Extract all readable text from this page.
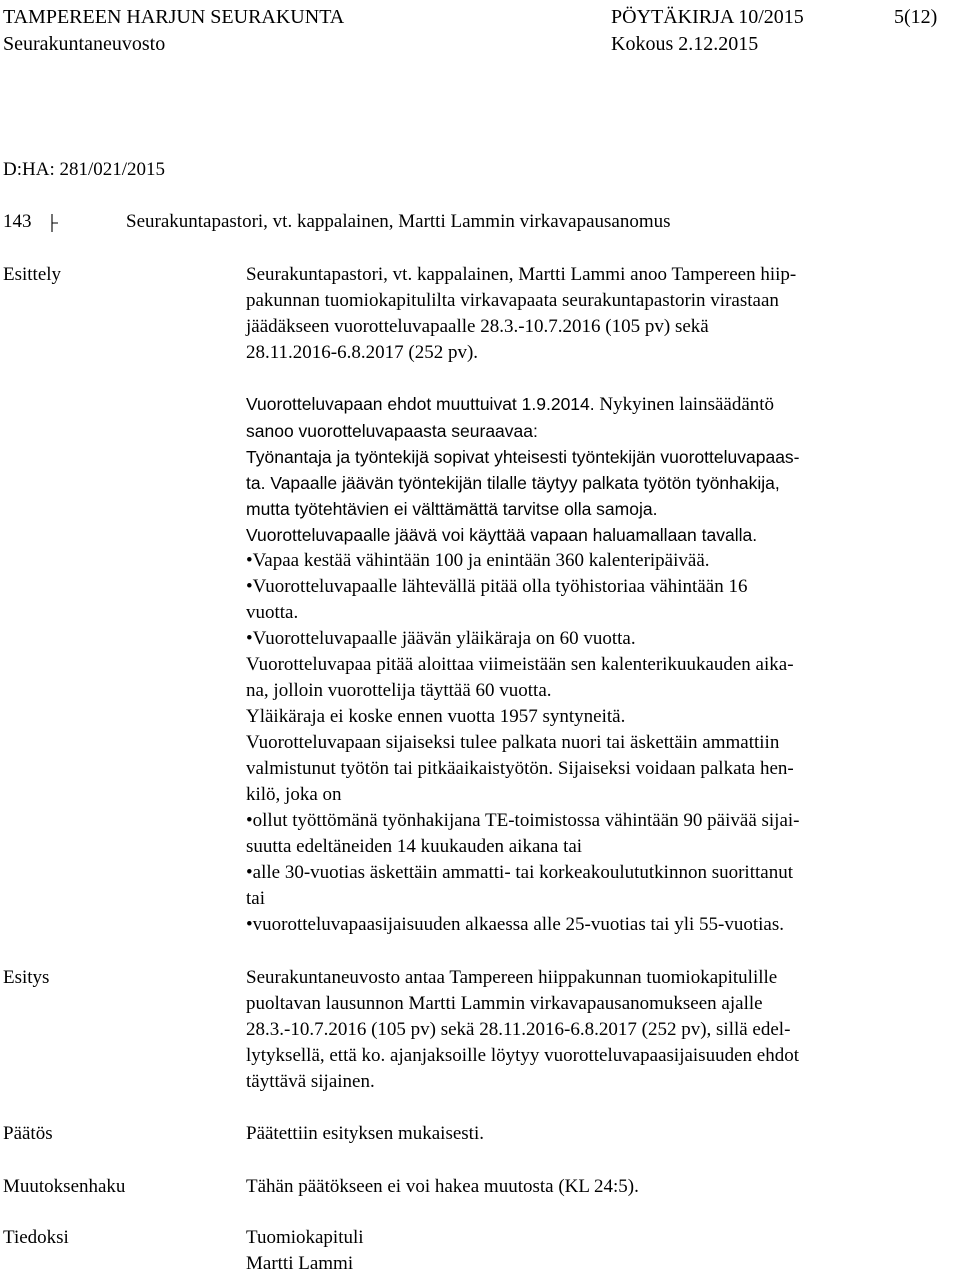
TAMPEREEN HARJUN SEURAKUNTA	PÖYTÄKIRJA 10/2015	5(12)
Seurakuntaneuvosto	Kokous 2.12.2015
D:HA: 281/021/2015
143	Seurakuntapastori, vt. kappalainen, Martti Lammin virkavapausanomus
Esittely	Seurakuntapastori, vt. kappalainen, Martti Lammi anoo Tampereen hiip-
pakunnan tuomiokapitulilta virkavapaata seurakuntapastorin virastaan
jäädäkseen vuorotteluvapaalle 28.3.-10.7.2016 (105 pv) sekä
28.11.2016-6.8.2017 (252 pv).
Vuorotteluvapaan ehdot muuttuivat 1.9.2014. Nykyinen lainsäädäntö
sanoo vuorotteluvapaasta seuraavaa:
Työnantaja ja työntekijä sopivat yhteisesti työntekijän vuorotteluvapaas-
ta. Vapaalle jäävän työntekijän tilalle täytyy palkata työtön työnhakija,
mutta työtehtävien ei välttämättä tarvitse olla samoja.
Vuorotteluvapaalle jäävä voi käyttää vapaan haluamallaan tavalla.
•Vapaa kestää vähintään 100 ja enintään 360 kalenteripäivää.
•Vuorotteluvapaalle lähtevällä pitää olla työhistoriaa vähintään 16
vuotta.
•Vuorotteluvapaalle jäävän yläikäraja on 60 vuotta.
Vuorotteluvapaa pitää aloittaa viimeistään sen kalenterikuukauden aika-
na, jolloin vuorottelija täyttää 60 vuotta.
Yläikäraja ei koske ennen vuotta 1957 syntyneitä.
Vuorotteluvapaan sijaiseksi tulee palkata nuori tai äskettäin ammattiin
valmistunut työtön tai pitkäaikaistyötön. Sijaiseksi voidaan palkata hen-
kilö, joka on
•ollut työttömänä työnhakijana TE-toimistossa vähintään 90 päivää sijai-
suutta edeltäneiden 14 kuukauden aikana tai
•alle 30-vuotias äskettäin ammatti- tai korkeakoulututkinnon suorittanut
tai
•vuorotteluvapaasijaisuuden alkaessa alle 25-vuotias tai yli 55-vuotias.
Esitys	Seurakuntaneuvosto antaa Tampereen hiippakunnan tuomiokapitulille
puoltavan lausunnon Martti Lammin virkavapausanomukseen ajalle
28.3.-10.7.2016 (105 pv) sekä 28.11.2016-6.8.2017 (252 pv), sillä edel-
lytyksellä, että ko. ajanjaksoille löytyy vuorotteluvapaasijaisuuden ehdot
täyttävä sijainen.
Päätös	Päätettiin esityksen mukaisesti.
Muutoksenhaku	Tähän päätökseen ei voi hakea muutosta (KL 24:5).
Tiedoksi	Tuomiokapituli
Martti Lammi
